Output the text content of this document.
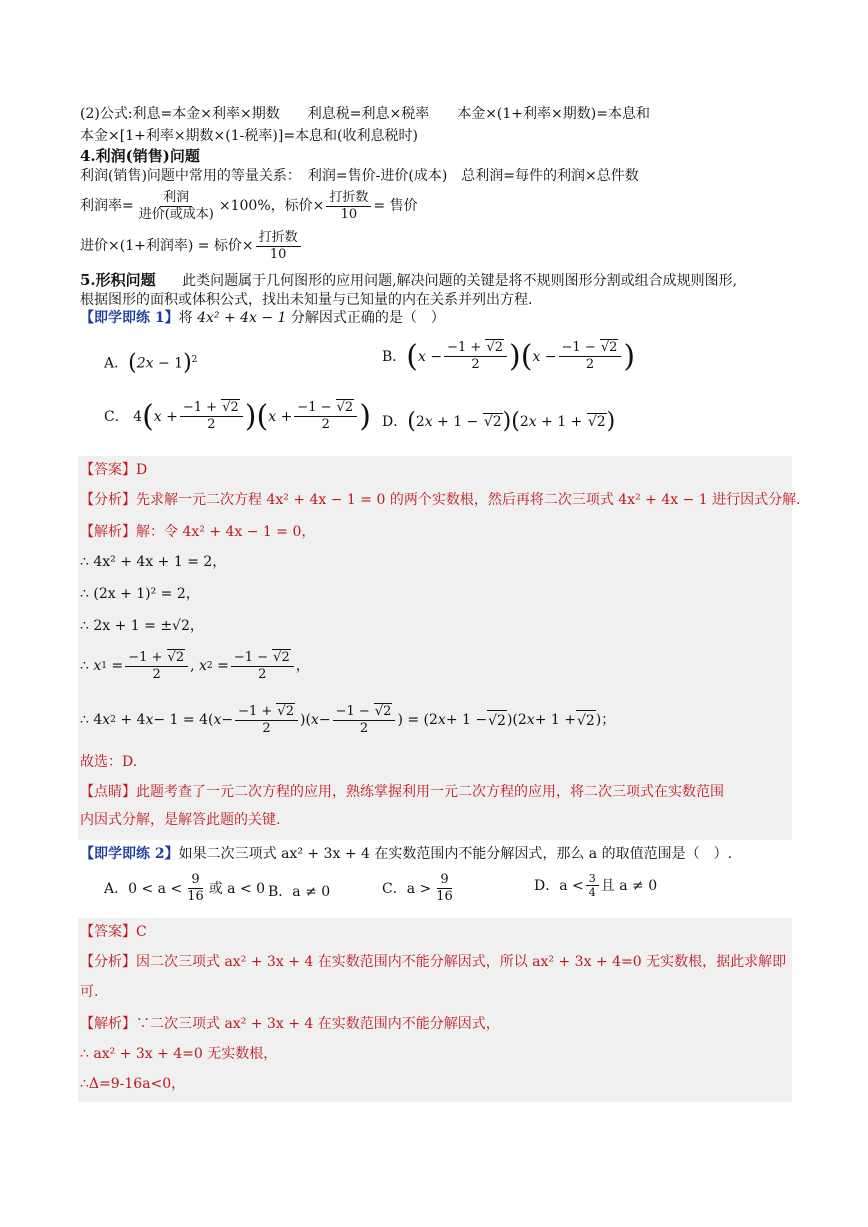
(2)公式:利息=本金×利率×期数　　利息税=利息×税率　　本金×(1+利率×期数)=本息和
本金×[1+利率×期数×(1-税率)]=本息和(收利息税时)
4.利润(销售)问题
利润(销售)问题中常用的等量关系：　利润=售价-进价(成本)　总利润=每件的利润×总件数
利润率= $\frac{\text{利润}}{\text{进价(或成本)}} \times 100\%$，标价× $\frac{\text{打折数}}{10}$ = 售价
进价×(1+利润率) = 标价× $\frac{\text{打折数}}{10}$
5.形积问题 此类问题属于几何图形的应用问题,解决问题的关键是将不规则图形分割或组合成规则图形,
根据图形的面积或体积公式，找出未知量与已知量的内在关系并列出方程.
【即学即练 1】将 4x² + 4x − 1 分解因式正确的是（　）
A．$(2x - 1)^2$	B． ( $x - \frac{-1 + √2}{2}$ ) ( $x - \frac{-1 - √2}{2}$ )
C． 4 ( $x + \frac{-1 + √2}{2}$ ) ( $x + \frac{-1 - √2}{2}$ ) D．(2x + 1 − √2)(2x + 1 + √2)
【答案】D
【分析】先求解一元二次方程 4x² + 4x − 1 = 0 的两个实数根，然后再将二次三项式 4x² + 4x − 1 进行因式分解.
【解析】解：令 4x² + 4x − 1 = 0，
∴ 4x² + 4x + 1 = 2，
∴ (2x + 1)² = 2，
∴ 2x + 1 = ±√2，
∴ x $1 = \frac{-1 + √2}{2}$ , x $2 = \frac{-1 - √2}{2}$ ，
∴ 4 x 2 + 4 x − 1 = 4( $x - \frac{-1 + √2}{2}$ )( $x - \frac{-1 - √2}{2}$ ) = (2 x + 1 − √2 )(2 x + 1 + √2 )；
故选：D.
【点睛】此题考查了一元二次方程的应用，熟练掌握利用一元二次方程的应用，将二次三项式在实数范围
内因式分解，是解答此题的关键.
【即学即练 2】如果二次三项式 ax² + 3x + 4 在实数范围内不能分解因式，那么 a 的取值范围是（　）.
A．$0 < a < \frac{9}{16}$ 或 a < 0 B．a ≠ 0	C．$a > \frac{9}{16}$	D．$a < \frac{3}{4}$ 且 a ≠ 0
【答案】C
【分析】因二次三项式 ax² + 3x + 4 在实数范围内不能分解因式，所以 ax² + 3x + 4=0 无实数根，据此求解即
可.
【解析】∵二次三项式 ax² + 3x + 4 在实数范围内不能分解因式，
∴ ax² + 3x + 4=0 无实数根，
∴Δ=9-16a<0，
